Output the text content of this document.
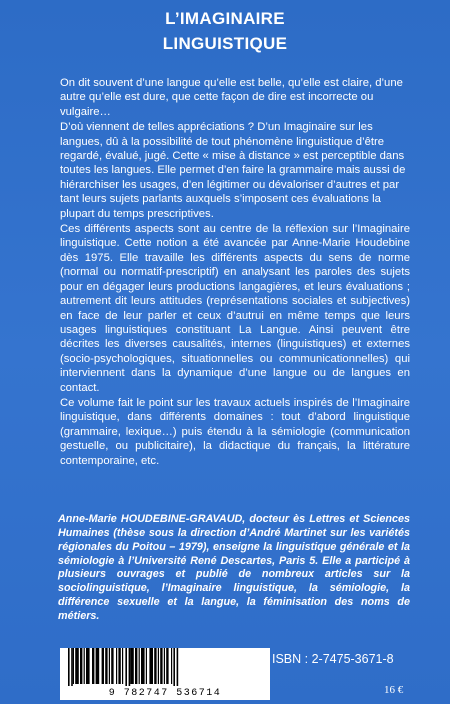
L’IMAGINAIRE
LINGUISTIQUE

On dit souvent d’une langue qu’elle est belle, qu’elle est claire, d’une autre qu’elle est dure, que cette façon de dire est incorrecte ou vulgaire…

D’où viennent de telles appréciations ? D’un Imaginaire sur les langues, dû à la possibilité de tout phénomène linguistique d’être regardé, évalué, jugé. Cette « mise à distance » est perceptible dans toutes les langues. Elle permet d’en faire la grammaire mais aussi de hiérarchiser les usages, d’en légitimer ou dévaloriser d’autres et par tant leurs sujets parlants auxquels s’imposent ces évaluations la plupart du temps prescriptives.

Ces différents aspects sont au centre de la réflexion sur l’Imaginaire linguistique. Cette notion a été avancée par Anne-Marie Houdebine dès 1975. Elle travaille les différents aspects du sens de norme (normal ou normatif-prescriptif) en analysant les paroles des sujets pour en dégager leurs productions langagières, et leurs évaluations ; autrement dit leurs attitudes (représentations sociales et subjectives) en face de leur parler et ceux d’autrui en même temps que leurs usages linguistiques constituant La Langue. Ainsi peuvent être décrites les diverses causalités, internes (linguistiques) et externes (socio-psychologiques, situationnelles ou communicationnelles) qui interviennent dans la dynamique d’une langue ou de langues en contact.

Ce volume fait le point sur les travaux actuels inspirés de l’Imaginaire linguistique, dans différents domaines : tout d’abord linguistique (grammaire, lexique…) puis étendu à la sémiologie (communication gestuelle, ou publicitaire), la didactique du français, la littérature contemporaine, etc.

Anne-Marie HOUDEBINE-GRAVAUD, docteur ès Lettres et Sciences Humaines (thèse sous la direction d’André Martinet sur les variétés régionales du Poitou – 1979), enseigne la linguistique générale et la sémiologie à l’Université René Descartes, Paris 5. Elle a participé à plusieurs ouvrages et publié de nombreux articles sur la sociolinguistique, l’Imaginaire linguistique, la sémiologie, la différence sexuelle et la langue, la féminisation des noms de métiers.

9 782747 536714
ISBN : 2-7475-3671-8
16 €
